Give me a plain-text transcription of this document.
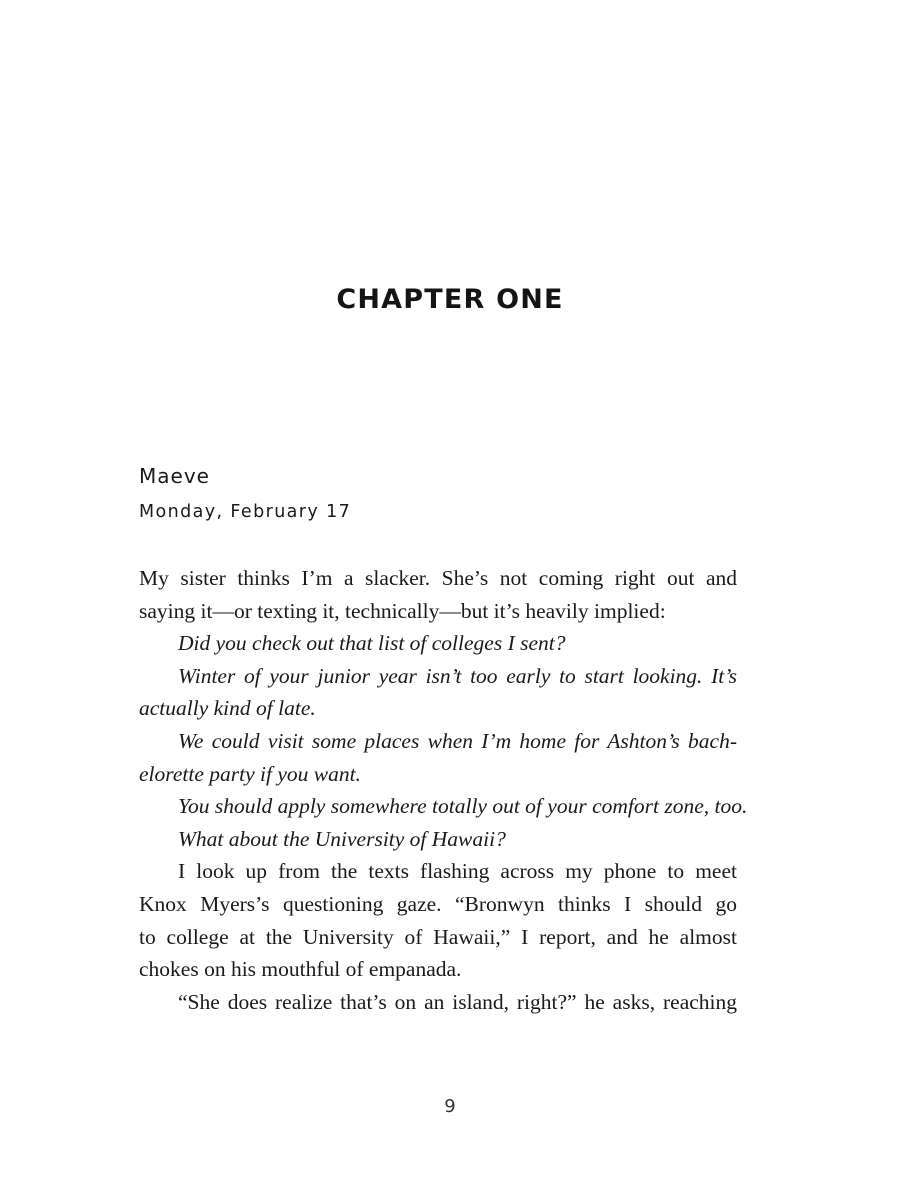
CHAPTER ONE
Maeve
Monday, February 17
My sister thinks I’m a slacker. She’s not coming right out and
saying it—or texting it, technically—but it’s heavily implied:
Did you check out that list of colleges I sent?
Winter of your junior year isn’t too early to start looking. It’s
actually kind of late.
We could visit some places when I’m home for Ashton’s bach-
elorette party if you want.
You should apply somewhere totally out of your comfort zone, too.
What about the University of Hawaii?
I look up from the texts flashing across my phone to meet
Knox Myers’s questioning gaze. “Bronwyn thinks I should go
to college at the University of Hawaii,” I report, and he almost
chokes on his mouthful of empanada.
“She does realize that’s on an island, right?” he asks, reaching
9
